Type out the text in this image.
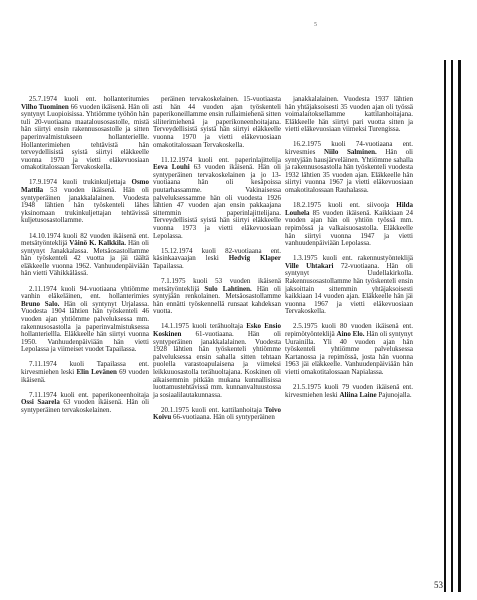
5

25.7.1974 kuoli ent. hollanteritumies Vilho Tuominen 66 vuoden ikäisenä. Hän oli syntynyt Luopioisissa. Yhtiömme työhön hän tuli 20-vuotiaana maatalousosastolle, mistä hän siirtyi ensin rakennusosastolle ja sitten paperinvalmistukseen hollanteriellle. Hollanterimiehen tehtävistä hän terveydellisistä syistä siirtyi eläkkeelle vuonna 1970 ja vietti eläkevuosiaan omakotitalossaan Tervakoskella.

17.9.1974 kuoli trukinkuljettaja Osmo Mattila 53 vuoden ikäisenä. Hän oli syntyperäinen janakkalalainen. Vuodesta 1948 lähtien hän työskenteli lähes yksinomaan trukinkuljettajan tehtävissä kuljetusosastollamme.

14.10.1974 kuoli 82 vuoden ikäisenä ent. metsätyönteklijä Väinö K. Kalkkila. Hän oli syntynyt Janakkalassa. Metsäosastollamme hän työskenteli 42 vuotta ja jäi täältä eläkkeelle vuonna 1962. Vanhuudenpäiviään hän vietti Vähikkälässä.

2.11.1974 kuoli 94-vuotiaana yhtiömme vanhin eläkeläinen, ent. hollanterimies Bruno Salo. Hän oli syntynyt Urjalassa. Vuodesta 1904 lähtien hän työskenteli 46 vuoden ajan yhtiömme palveluksessa mm. rakennusosastolla ja paperinvalmistuksessa hollanteriellla. Eläkkeelle hän siirtyi vuonna 1950. Vanhuudenpäiviään hän vietti Lepolassa ja viimeiset vuodet Tapailassa.

7.11.1974 kuoli Tapailassa ent. kirvesmiehen leski Elin Levänen 69 vuoden ikäisenä.

7.11.1974 kuoli ent. paperikoneenhoitaja Ossi Saarela 63 vuoden ikäisenä. Hän oli syntyperäinen tervakoskelainen.

peräinen tervakoskelainen. 15-vuotiaasta asti hän 44 vuoden ajan työskenteli paperikoneillamme ensin rullaimiehenä sitten siliterimiehenä ja paperikoneenhoitajana. Terveydellisistä syistä hän siirtyi eläkkeelle vuonna 1970 ja vietti eläkevuosiaan omakotitalossaan Tervakoskella.

11.12.1974 kuoli ent. paperinlajittelija Eeva Louhi 63 vuoden ikäisenä. Hän oli syntyperäinen tervakoskelainen ja jo 13-vuotiaana hän oli kesäpoissa puutarhassamme. Vakinaisessa palveluksessamme hän oli vuodesta 1926 lähtien 47 vuoden ajan ensin pakkaajana sittemmin paperinlajittelijana. Terveydellisistä syistä hän siirtyi eläkkeelle vuonna 1973 ja vietti eläkevuosiaan Lepolassa.

15.12.1974 kuoli 82-vuotiaana ent. käsinkaavaajan leski Hedvig Klaper Tapailassa.

7.1.1975 kuoli 53 vuoden ikäisenä metsätyönteklijä Sulo Lahtinen. Hän oli syntyjään renkolainen. Metsäosastollamme hän ennätti työskennellä runsaat kahdeksan vuotta.

14.1.1975 kuoli terähuoltaja Esko Ensio Koskinen 61-vuotiaana. Hän oli syntyperäinen janakkalalainen. Vuodesta 1928 lähtien hän työskenteli yhtiömme palveluksessa ensin sahalla sitten tehtaan puolella varastoapulaisena ja viimeksi leikkuuosastolla terähuoltajana. Koskinen oli aikaisemmin pitkään mukana kunnallisissa luottamustehtävissä mm. kunnanvaltuustossa ja sosiaalilautakunnassa.

20.1.1975 kuoli ent. kattilanhoitaja Toivo Koivu 66-vuotiaana. Hän oli syntyperäinen

janakkalalainen. Vuodesta 1937 lähtien hän yhtäjaksoisesti 35 vuoden ajan oli työssä voimalaitoksellamme kattilanhoitajana. Eläkkeelle hän siirtyi pari vuotta sitten ja vietti eläkevuosiaan viimeksi Turengissa.

16.2.1975 kuoli 74-vuotiaana ent. kirvesmies Niilo Salminen. Hän oli syntyjään hausjärveläinen. Yhtiömme sahalla ja rakennusosastolla hän työskenteli vuodesta 1932 lähtien 35 vuoden ajan. Eläkkeelle hän siirtyi vuonna 1967 ja vietti eläkevuosiaan omakotitalossaan Rauhalassa.

18.2.1975 kuoli ent. siivooja Hilda Louhela 85 vuoden ikäisenä. Kaikkiaan 24 vuoden ajan hän oli yhtiön työssä mm. repimössä ja valkaisuosastolla. Eläkkeelle hän siirtyi vuonna 1947 ja vietti vanhuudenpäiviään Lepolassa.

1.3.1975 kuoli ent. rakennustyönteklijä Ville Uhtakari 72-vuotiaana. Hän oli syntynyt Uudellakirkolla. Rakennusosastollamme hän työskenteli ensin jaksoittain sittemmin yhtäjaksoisesti kaikkiaan 14 vuoden ajan. Eläkkeelle hän jäi vuonna 1967 ja vietti eläkevuosiaan Tervakoskella.

2.5.1975 kuoli 80 vuoden ikäisenä ent. repimötyönteklijä Aino Elo. Hän oli syntynyt Uurainilla. Yli 40 vuoden ajan hän työskenteli yhtiömme palveluksessa Kartanossa ja repimössä, josta hän vuonna 1963 jäi eläkkeelle. Vanhuudenpäiviään hän vietti omakotitalossaan Napialassa.

21.5.1975 kuoli 79 vuoden ikäisenä ent. kirvesmiehen leski Aliina Laine Pajunojalla.

53
